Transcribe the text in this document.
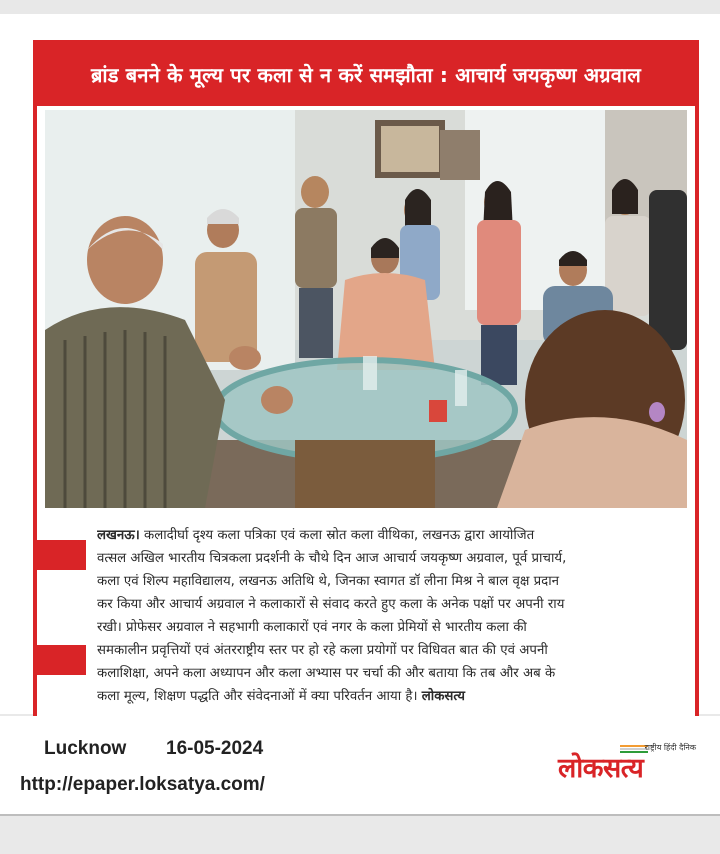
ब्रांड बनने के मूल्य पर कला से न करें समझौता : आचार्य जयकृष्ण अग्रवाल
लखनऊ। कलादीर्घा दृश्य कला पत्रिका एवं कला स्रोत कला वीथिका, लखनऊ द्वारा आयोजित
वत्सल अखिल भारतीय चित्रकला प्रदर्शनी के चौथे दिन आज आचार्य जयकृष्ण अग्रवाल, पूर्व प्राचार्य,
कला एवं शिल्प महाविद्यालय, लखनऊ अतिथि थे, जिनका स्वागत डॉ लीना मिश्र ने बाल वृक्ष प्रदान
कर किया और आचार्य अग्रवाल ने कलाकारों से संवाद करते हुए कला के अनेक पक्षों पर अपनी राय
रखी। प्रोफेसर अग्रवाल ने सहभागी कलाकारों एवं नगर के कला प्रेमियों से भारतीय कला की
समकालीन प्रवृत्तियों एवं अंतरराष्ट्रीय स्तर पर हो रहे कला प्रयोगों पर विधिवत बात की एवं अपनी
कलाशिक्षा, अपने कला अध्यापन और कला अभ्यास पर चर्चा की और बताया कि तब और अब के
कला मूल्य, शिक्षण पद्धति और संवेदनाओं में क्या परिवर्तन आया है। लोकसत्य
Lucknow 16-05-2024
http://epaper.loksatya.com/
राष्ट्रीय हिंदी दैनिक
लोकसत्य
